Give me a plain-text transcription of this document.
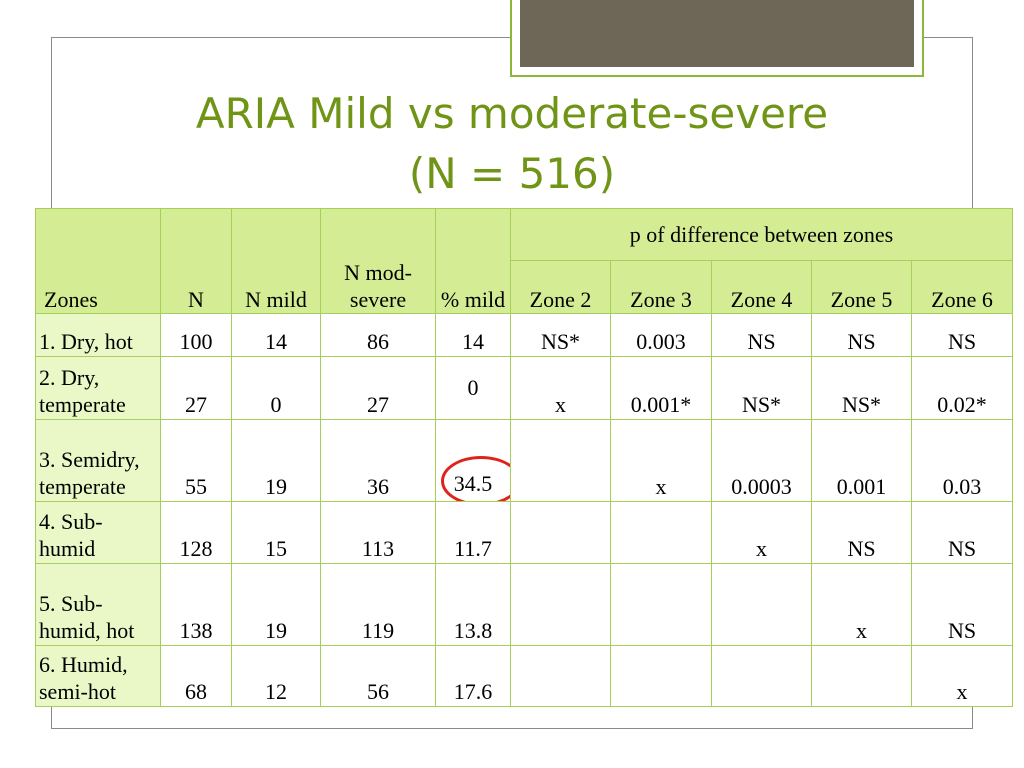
ARIA Mild vs moderate-severe
(N = 516)
Zones	N	N mild	N mod-severe	% mild	p of difference between zones				
					Zone 2	Zone 3	Zone 4	Zone 5	Zone 6
1. Dry, hot	100	14	86	14	NS*	0.003	NS	NS	NS
2. Dry, temperate	27	0	27	0	x	0.001*	NS*	NS*	0.02*
3. Semidry, temperate	55	19	36	34.5		x	0.0003	0.001	0.03
4. Sub-humid	128	15	113	11.7			x	NS	NS
5. Sub-humid, hot	138	19	119	13.8				x	NS
6. Humid, semi-hot	68	12	56	17.6					x
